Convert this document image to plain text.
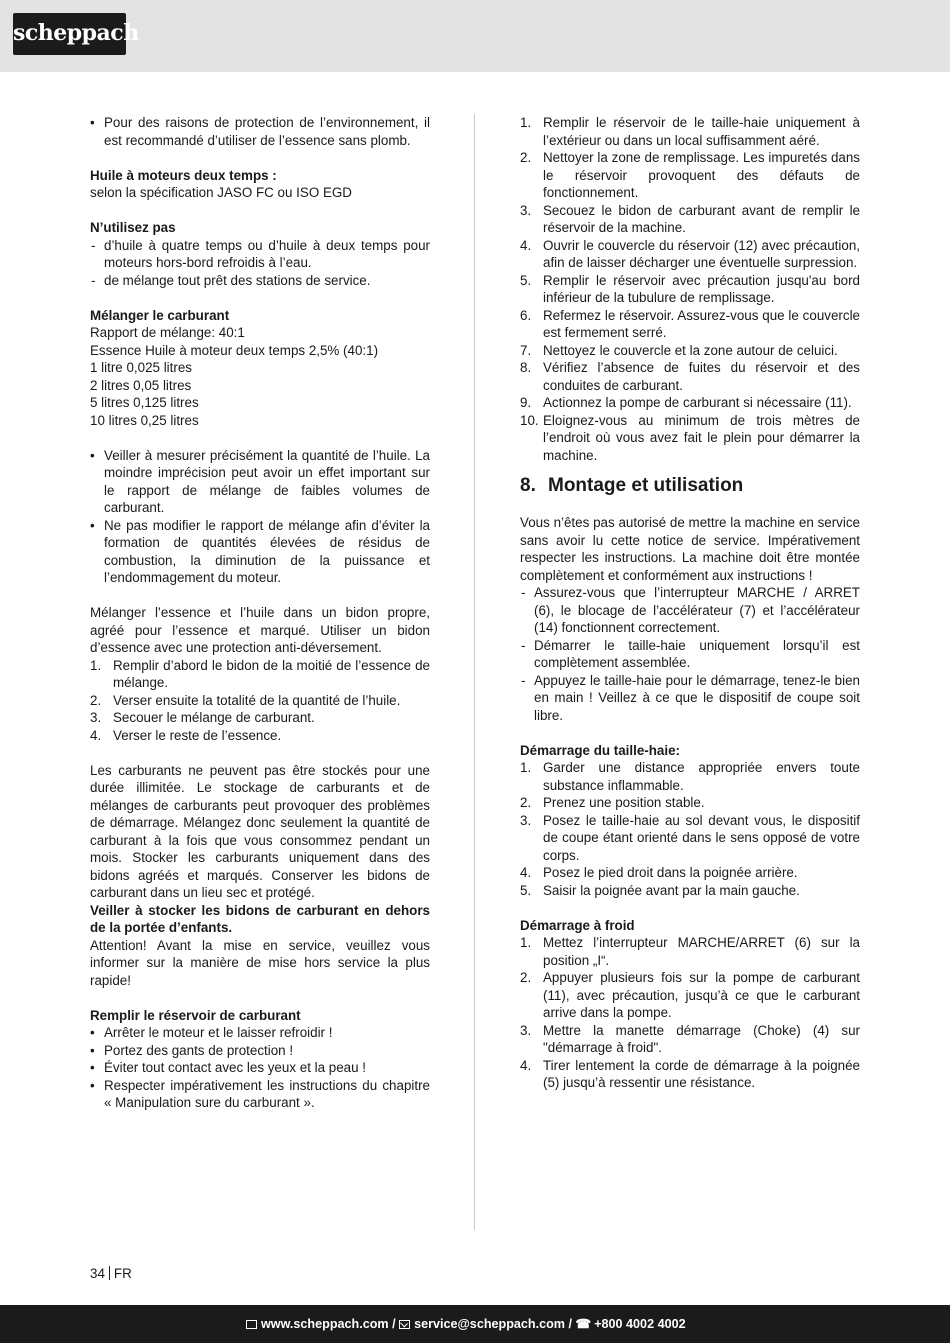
scheppach
• Pour des raisons de protection de l’environnement, il est recommandé d’utiliser de l’essence sans plomb.
Huile à moteurs deux temps :
selon la spécification JASO FC ou ISO EGD
N’utilisez pas
- d’huile à quatre temps ou d’huile à deux temps pour moteurs hors-bord refroidis à l’eau.
- de mélange tout prêt des stations de service.
Mélanger le carburant
Rapport de mélange: 40:1
Essence Huile à moteur deux temps 2,5% (40:1)
1 litre 0,025 litres
2 litres 0,05 litres
5 litres 0,125 litres
10 litres 0,25 litres
• Veiller à mesurer précisément la quantité de l’huile. La moindre imprécision peut avoir un effet important sur le rapport de mélange de faibles volumes de carburant.
• Ne pas modifier le rapport de mélange afin d’éviter la formation de quantités élevées de résidus de combustion, la diminution de la puissance et l’endommagement du moteur.

Mélanger l’essence et l’huile dans un bidon propre, agréé pour l’essence et marqué. Utiliser un bidon d’essence avec une protection anti-déversement.

1. Remplir d’abord le bidon de la moitié de l’essence de mélange.
2. Verser ensuite la totalité de la quantité de l’huile.
3. Secouer le mélange de carburant.
4. Verser le reste de l’essence.

Les carburants ne peuvent pas être stockés pour une durée illimitée. Le stockage de carburants et de mélanges de carburants peut provoquer des problèmes de démarrage. Mélangez donc seulement la quantité de carburant à la fois que vous consommez pendant un mois. Stocker les carburants uniquement dans des bidons agréés et marqués. Conserver les bidons de carburant dans un lieu sec et protégé.

Veiller à stocker les bidons de carburant en dehors de la portée d’enfants.

Attention! Avant la mise en service, veuillez vous informer sur la manière de mise hors service la plus rapide!

Remplir le réservoir de carburant
• Arrêter le moteur et le laisser refroidir !
• Portez des gants de protection !
• Éviter tout contact avec les yeux et la peau !
• Respecter impérativement les instructions du chapitre « Manipulation sure du carburant ».
1. Remplir le réservoir de le taille-haie uniquement à l’extérieur ou dans un local suffisamment aéré.
2. Nettoyer la zone de remplissage. Les impuretés dans le réservoir provoquent des défauts de fonctionnement.
3. Secouez le bidon de carburant avant de remplir le réservoir de la machine.
4. Ouvrir le couvercle du réservoir (12) avec précaution, afin de laisser décharger une éventuelle surpression.
5. Remplir le réservoir avec précaution jusqu'au bord inférieur de la tubulure de remplissage.
6. Refermez le réservoir. Assurez-vous que le couvercle est fermement serré.
7. Nettoyez le couvercle et la zone autour de celuici.
8. Vérifiez l’absence de fuites du réservoir et des conduites de carburant.
9. Actionnez la pompe de carburant si nécessaire (11).
10. Eloignez-vous au minimum de trois mètres de l’endroit où vous avez fait le plein pour démarrer la machine.
8. Montage et utilisation

Vous n’êtes pas autorisé de mettre la machine en service sans avoir lu cette notice de service. Impérativement respecter les instructions. La machine doit être montée complètement et conformément aux instructions !

- Assurez-vous que l’interrupteur MARCHE / ARRET (6), le blocage de l’accélérateur (7) et l’accélérateur (14) fonctionnent correctement.
- Démarrer le taille-haie uniquement lorsqu’il est complètement assemblée.
- Appuyez le taille-haie pour le démarrage, tenez-le bien en main ! Veillez à ce que le dispositif de coupe soit libre.
Démarrage du taille-haie:
1. Garder une distance appropriée envers toute substance inflammable.
2. Prenez une position stable.
3. Posez le taille-haie au sol devant vous, le dispositif de coupe étant orienté dans le sens opposé de votre corps.
4. Posez le pied droit dans la poignée arrière.
5. Saisir la poignée avant par la main gauche.
Démarrage à froid
1. Mettez l’interrupteur MARCHE/ARRET (6) sur la position „I“.
2. Appuyer plusieurs fois sur la pompe de carburant (11), avec précaution, jusqu’à ce que le carburant arrive dans la pompe.
3. Mettre la manette démarrage (Choke) (4) sur "démarrage à froid".
4. Tirer lentement la corde de démarrage à la poignée (5) jusqu’à ressentir une résistance.
34 FR
www.scheppach.com / service@scheppach.com / ☎ +800 4002 4002
